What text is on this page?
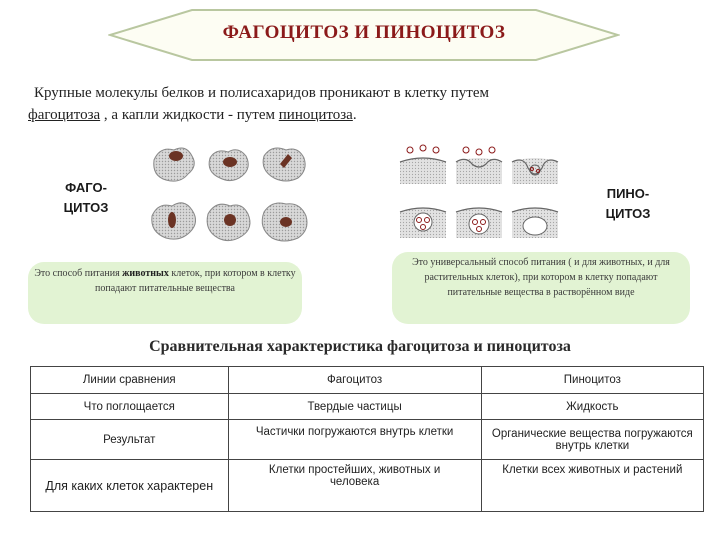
ФАГОЦИТОЗ И ПИНОЦИТОЗ
Крупные молекулы белков и полисахаридов проникают в клетку путем
фагоцитоза , а капли жидкости - путем пиноцитоза.
ФАГО-
ЦИТОЗ
Это способ питания животных клеток, при котором в клетку попадают питательные вещества
ПИНО-
ЦИТОЗ
Это универсальный способ питания ( и для животных, и для растительных клеток), при котором в клетку попадают питательные вещества в растворённом виде
Сравнительная характеристика фагоцитоза и пиноцитоза
Линии сравнения	Фагоцитоз	Пиноцитоз
Что поглощается	Твердые частицы	Жидкость
Результат	Частички погружаются внутрь клетки	Органические вещества погружаются внутрь клетки
Для каких клеток характерен	Клетки простейших, животных и человека	Клетки всех животных и растений
